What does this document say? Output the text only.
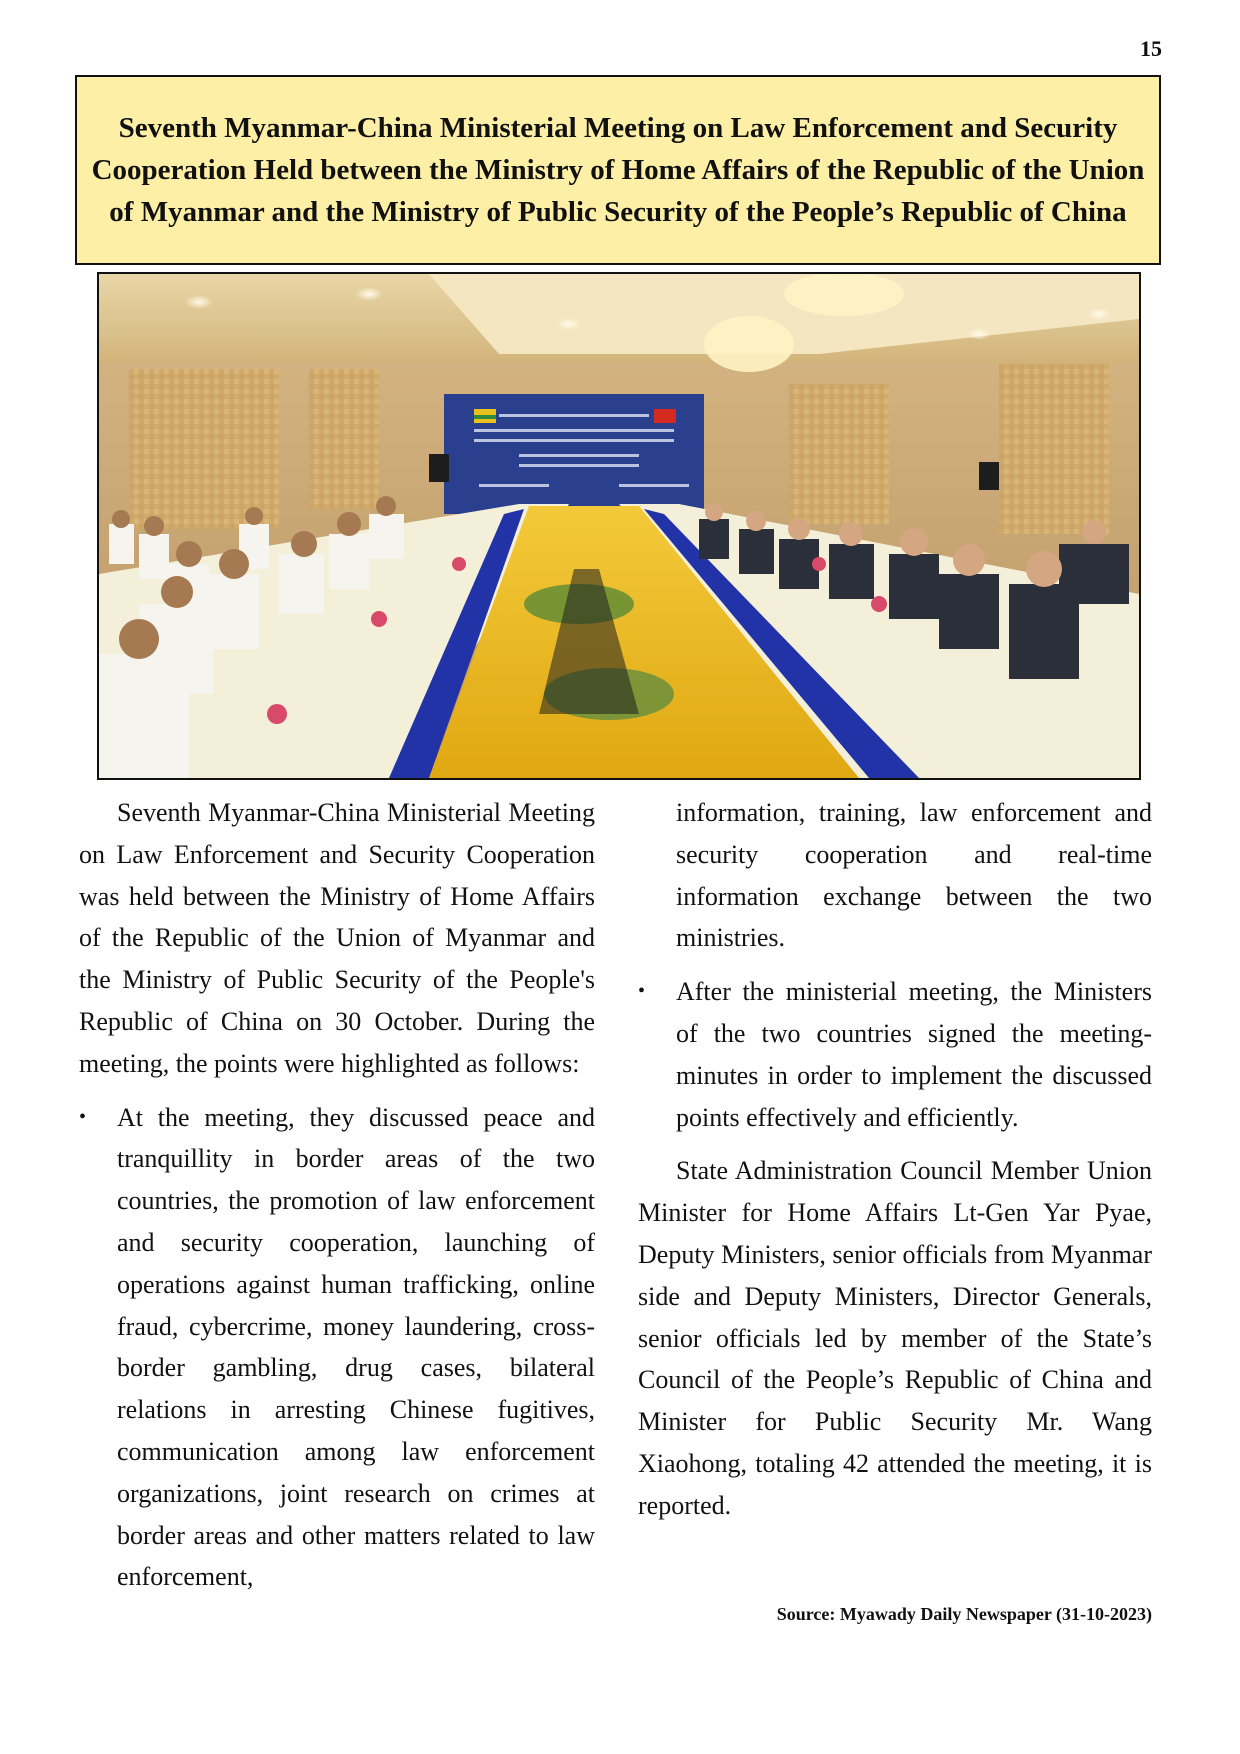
15
Seventh Myanmar-China Ministerial Meeting on Law Enforcement and Security Cooperation Held between the Ministry of Home Affairs of the Republic of the Union of Myanmar and the Ministry of Public Security of the People’s Republic of China

Seventh Myanmar-China Ministerial Meeting on Law Enforcement and Security Cooperation was held between the Ministry of Home Affairs of the Republic of the Union of Myanmar and the Ministry of Public Security of the People's Republic of China on 30 October. During the meeting, the points were highlighted as follows:

•	At the meeting, they discussed peace and tranquillity in border areas of the two countries, the promotion of law enforcement and security cooperation, launching of operations against human trafficking, online fraud, cybercrime, money laundering, cross-border gambling, drug cases, bilateral relations in arresting Chinese fugitives, communication among law enforcement organizations, joint research on crimes at border areas and other matters related to law enforcement,

information, training, law enforcement and security cooperation and real-time information exchange between the two ministries.

•	After the ministerial meeting, the Ministers of the two countries signed the meeting-minutes in order to implement the discussed points effectively and efficiently.

State Administration Council Member Union Minister for Home Affairs Lt-Gen Yar Pyae, Deputy Ministers, senior officials from Myanmar side and Deputy Ministers, Director Generals, senior officials led by member of the State’s Council of the People’s Republic of China and Minister for Public Security Mr. Wang Xiaohong, totaling 42 attended the meeting, it is reported.

Source: Myawady Daily Newspaper (31-10-2023)
